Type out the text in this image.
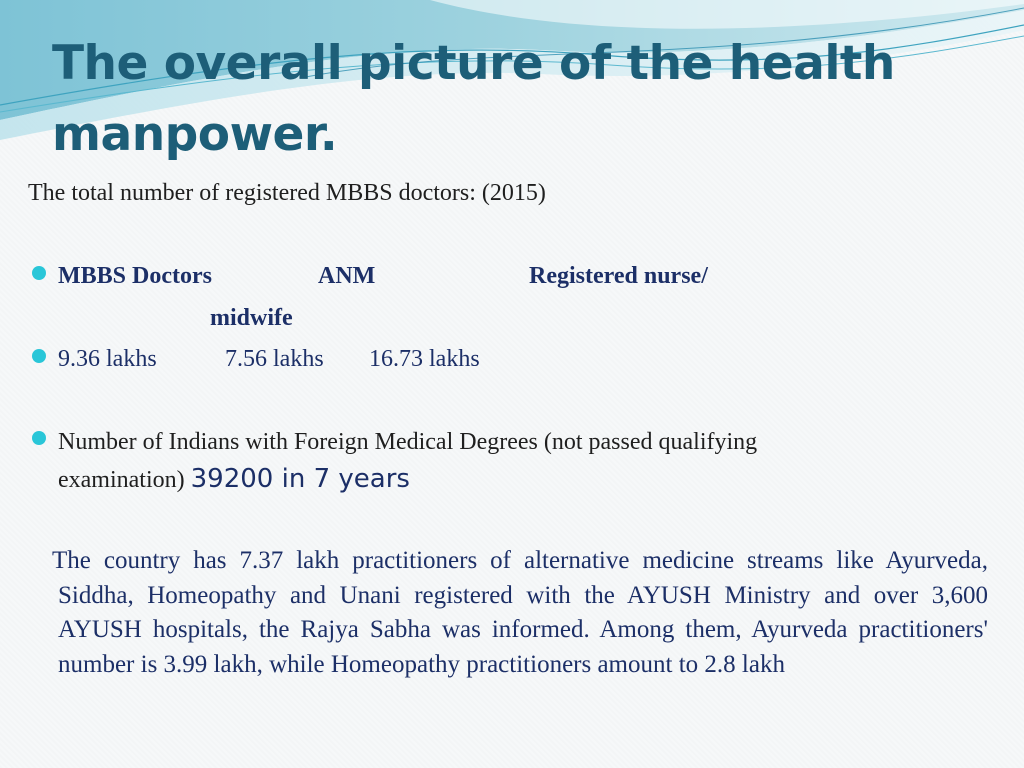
The overall picture of the health manpower.

The total number of registered MBBS doctors: (2015)

MBBS Doctors	ANM	Registered nurse/

midwife

9.36 lakhs	7.56 lakhs 16.73 lakhs

Number of Indians with Foreign Medical Degrees (not passed qualifying

examination) 39200 in 7 years

The country has 7.37 lakh practitioners of alternative medicine streams like Ayurveda, Siddha, Homeopathy and Unani registered with the AYUSH Ministry and over 3,600 AYUSH hospitals, the Rajya Sabha was informed. Among them, Ayurveda practitioners' number is 3.99 lakh, while Homeopathy practitioners amount to 2.8 lakh
